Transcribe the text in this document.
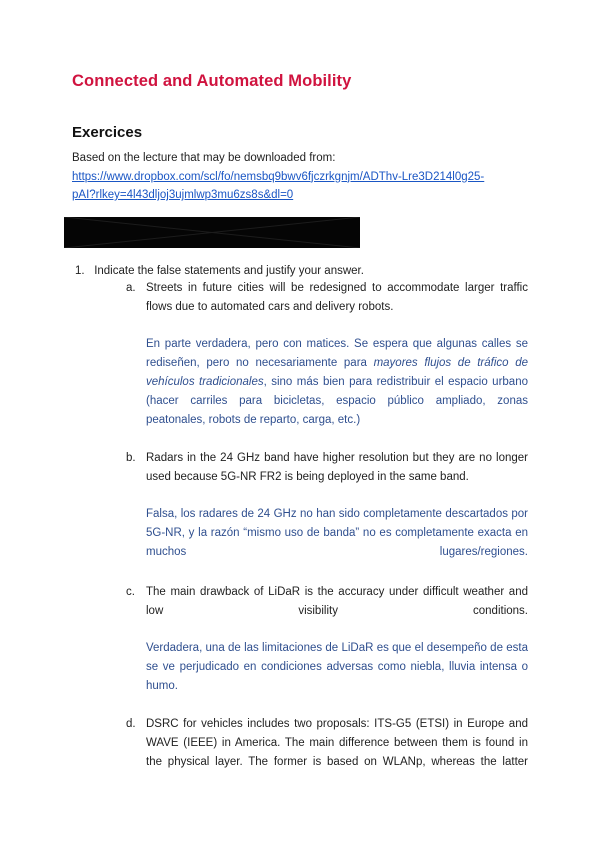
Connected and Automated Mobility
Exercices
Based on the lecture that may be downloaded from:
https://www.dropbox.com/scl/fo/nemsbq9bwv6fjczrkgnjm/ADThv-Lre3D214l0g25-
pAI?rlkey=4l43dljoj3ujmlwp3mu6zs8s&dl=0
1. Indicate the false statements and justify your answer.
a. Streets in future cities will be redesigned to accommodate larger traffic flows due to automated cars and delivery robots.
En parte verdadera, pero con matices. Se espera que algunas calles se rediseñen, pero no necesariamente para mayores flujos de tráfico de vehículos tradicionales, sino más bien para redistribuir el espacio urbano (hacer carriles para bicicletas, espacio público ampliado, zonas peatonales, robots de reparto, carga, etc.)
b. Radars in the 24 GHz band have higher resolution but they are no longer used because 5G-NR FR2 is being deployed in the same band.
Falsa, los radares de 24 GHz no han sido completamente descartados por 5G-NR, y la razón “mismo uso de banda” no es completamente exacta en muchos lugares/regiones.
c. The main drawback of LiDaR is the accuracy under difficult weather and low visibility conditions.
Verdadera, una de las limitaciones de LiDaR es que el desempeño de esta se ve perjudicado en condiciones adversas como niebla, lluvia intensa o humo.
d. DSRC for vehicles includes two proposals: ITS-G5 (ETSI) in Europe and WAVE (IEEE) in America. The main difference between them is found in the physical layer. The former is based on WLANp, whereas the latter
